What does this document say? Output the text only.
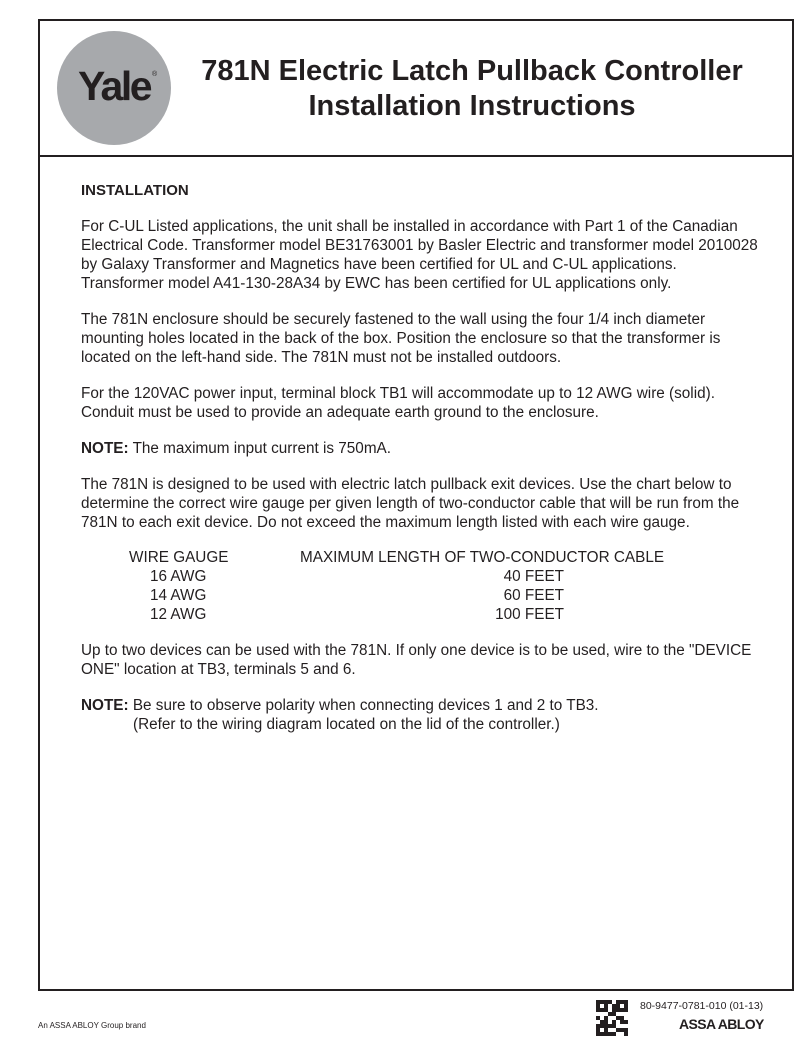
Yale ®	781N Electric Latch Pullback Controller
Installation Instructions
INSTALLATION

For C-UL Listed applications, the unit shall be installed in accordance with Part 1 of the Canadian Electrical Code. Transformer model BE31763001 by Basler Electric and transformer model 2010028 by Galaxy Transformer and Magnetics have been certified for UL and C-UL applications. Transformer model A41-130-28A34 by EWC has been certified for UL applications only.

The 781N enclosure should be securely fastened to the wall using the four 1/4 inch diameter mounting holes located in the back of the box. Position the enclosure so that the transformer is located on the left-hand side. The 781N must not be installed outdoors.

For the 120VAC power input, terminal block TB1 will accommodate up to 12 AWG wire (solid). Conduit must be used to provide an adequate earth ground to the enclosure.

NOTE: The maximum input current is 750mA.

The 781N is designed to be used with electric latch pullback exit devices. Use the chart below to determine the correct wire gauge per given length of two-conductor cable that will be run from the 781N to each exit device. Do not exceed the maximum length listed with each wire gauge.

WIRE GAUGE	MAXIMUM LENGTH OF TWO-CONDUCTOR CABLE
16 AWG	40 FEET
14 AWG	60 FEET
12 AWG	100 FEET

Up to two devices can be used with the 781N. If only one device is to be used, wire to the "DEVICE ONE" location at TB3, terminals 5 and 6.

NOTE: Be sure to observe polarity when connecting devices 1 and 2 to TB3.

(Refer to the wiring diagram located on the lid of the controller.)
An ASSA ABLOY Group brand
80-9477-0781-010 (01-13)
ASSA ABLOY
